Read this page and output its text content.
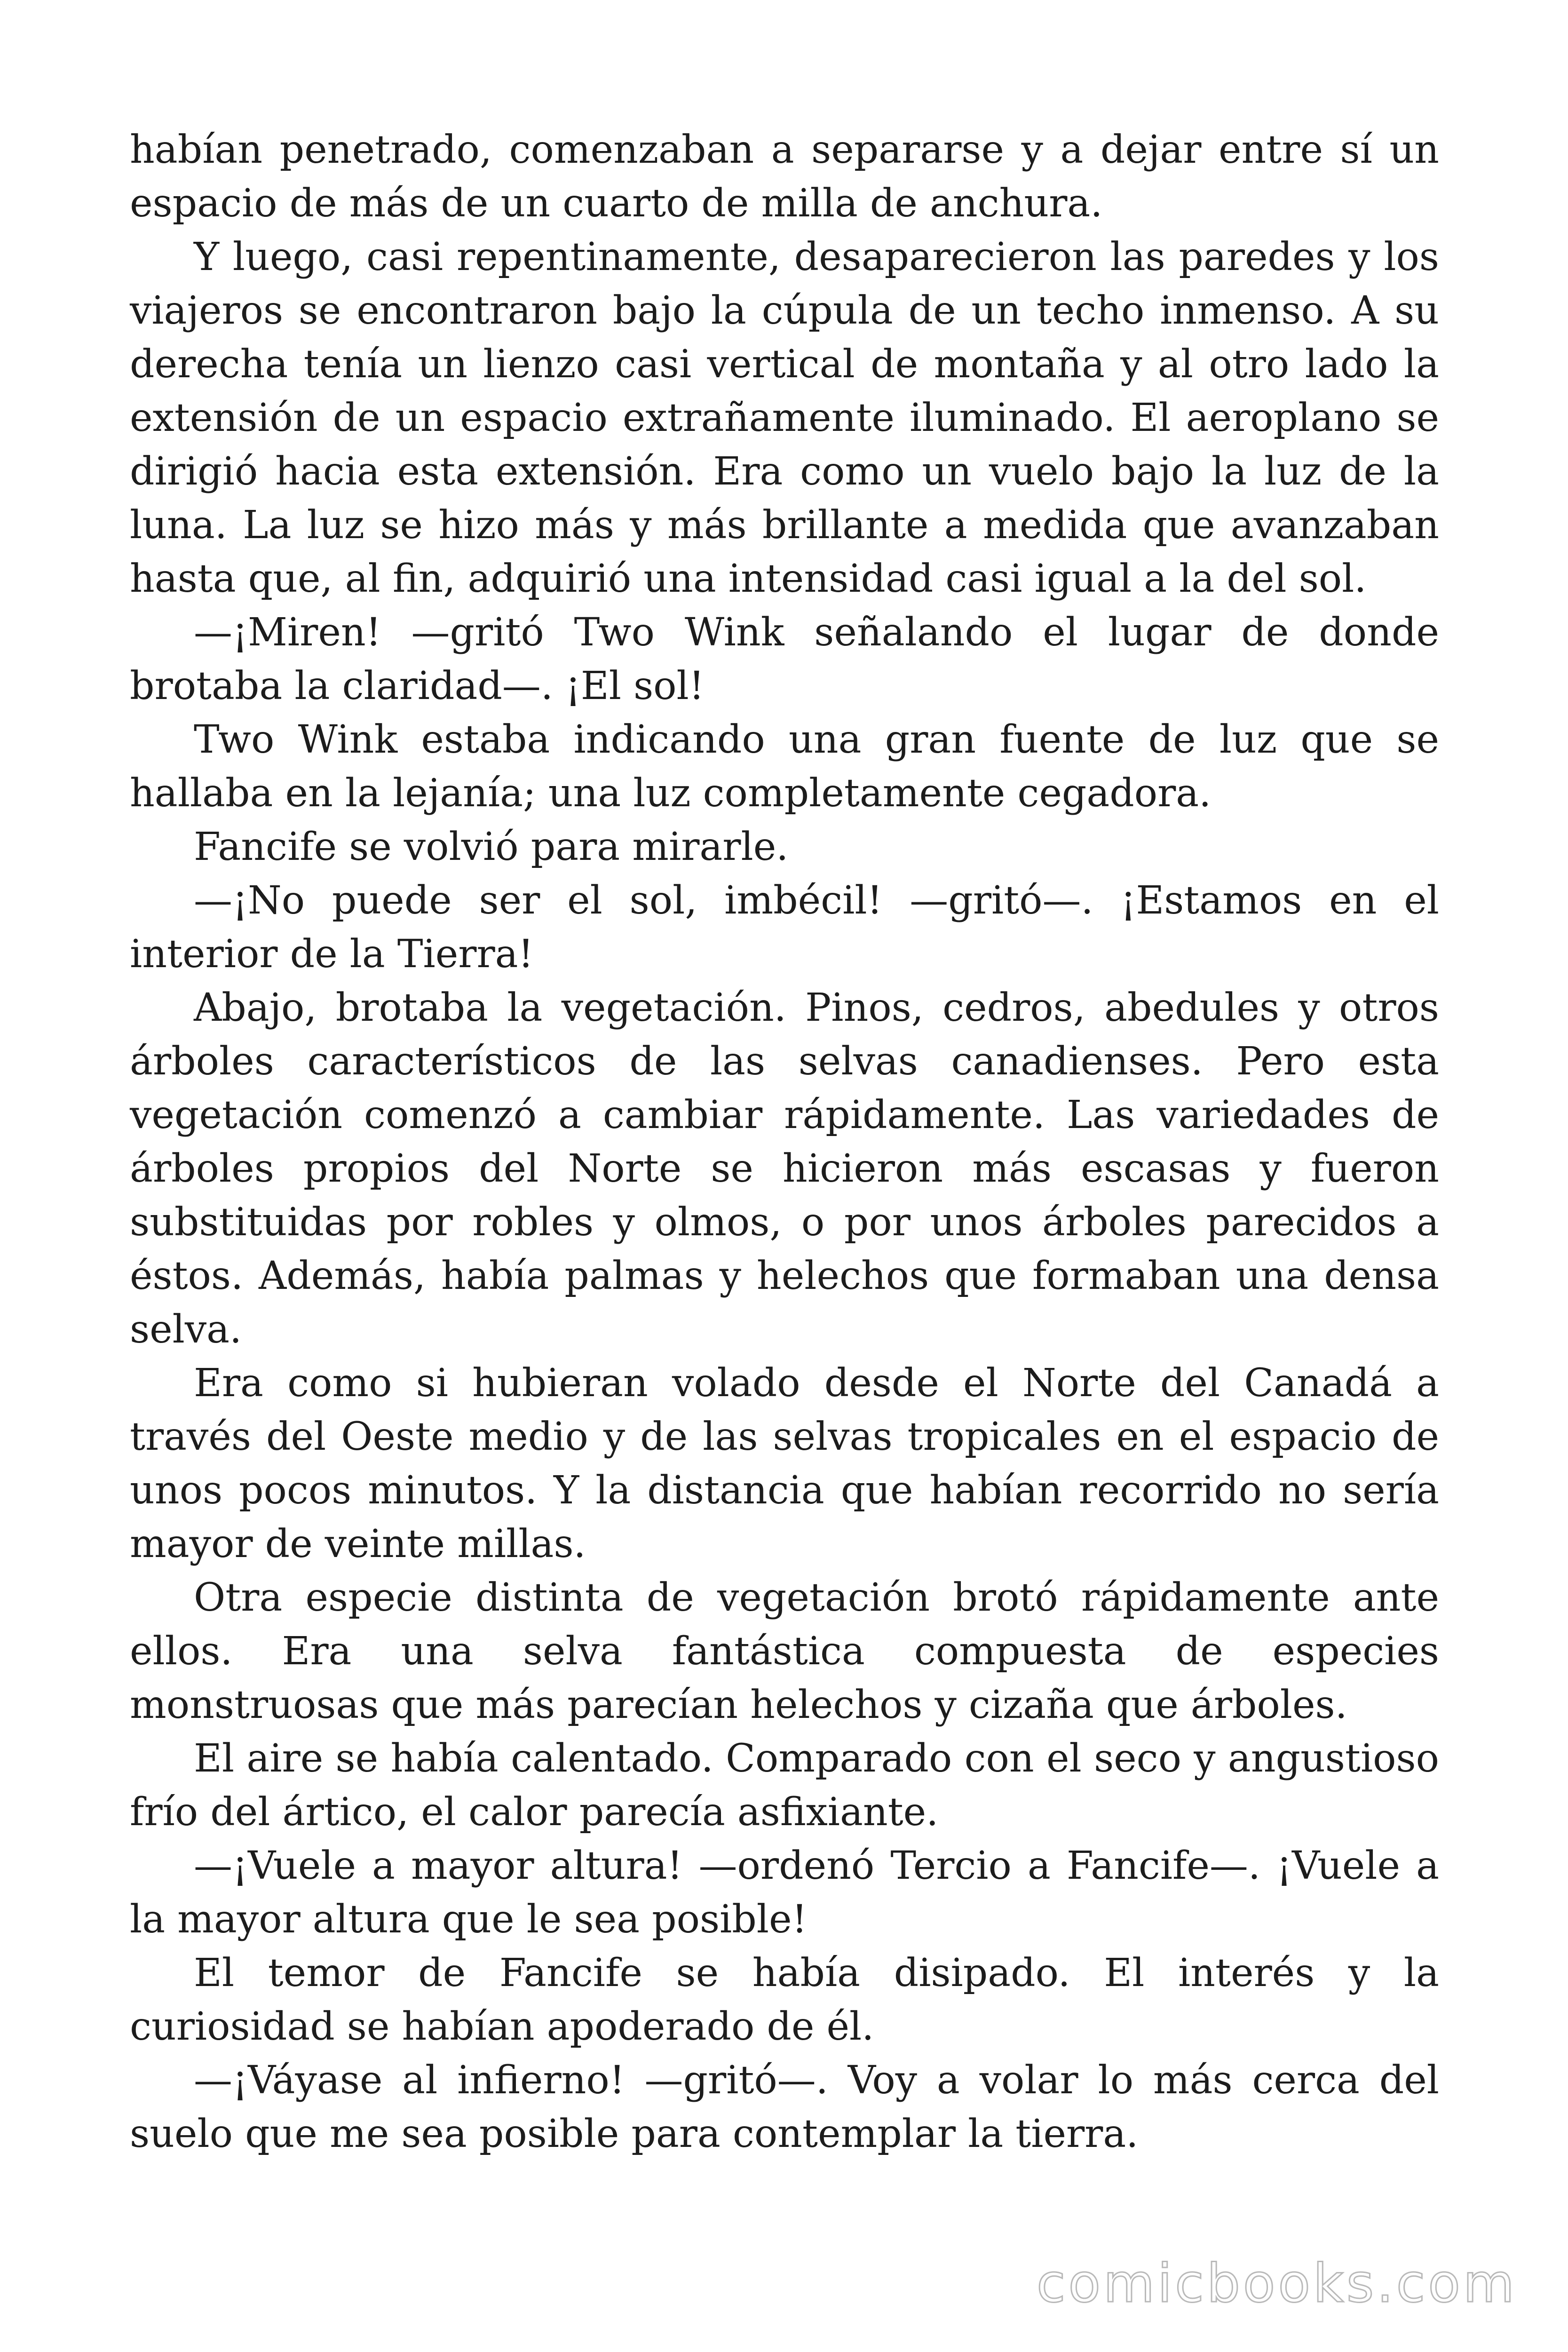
habían penetrado, comenzaban a separarse y a dejar entre sí un espacio de más de un cuarto de milla de anchura.

Y luego, casi repentinamente, desaparecieron las paredes y los viajeros se encontraron bajo la cúpula de un techo inmenso. A su derecha tenía un lienzo casi vertical de montaña y al otro lado la extensión de un espacio extrañamente iluminado. El aeroplano se dirigió hacia esta extensión. Era como un vuelo bajo la luz de la luna. La luz se hizo más y más brillante a medida que avanzaban hasta que, al fin, adquirió una intensidad casi igual a la del sol.

—¡Miren! —gritó Two Wink señalando el lugar de donde brotaba la claridad—. ¡El sol!

Two Wink estaba indicando una gran fuente de luz que se hallaba en la lejanía; una luz completamente cegadora.

Fancife se volvió para mirarle.

—¡No puede ser el sol, imbécil! —gritó—. ¡Estamos en el interior de la Tierra!

Abajo, brotaba la vegetación. Pinos, cedros, abedules y otros árboles característicos de las selvas canadienses. Pero esta vegetación comenzó a cambiar rápidamente. Las variedades de árboles propios del Norte se hicieron más escasas y fueron substituidas por robles y olmos, o por unos árboles parecidos a éstos. Además, había palmas y helechos que formaban una densa selva.

Era como si hubieran volado desde el Norte del Canadá a través del Oeste medio y de las selvas tropicales en el espacio de unos pocos minutos. Y la distancia que habían recorrido no sería mayor de veinte millas.

Otra especie distinta de vegetación brotó rápidamente ante ellos. Era una selva fantástica compuesta de especies monstruosas que más parecían helechos y cizaña que árboles.

El aire se había calentado. Comparado con el seco y angustioso frío del ártico, el calor parecía asfixiante.

—¡Vuele a mayor altura! —ordenó Tercio a Fancife—. ¡Vuele a la mayor altura que le sea posible!

El temor de Fancife se había disipado. El interés y la curiosidad se habían apoderado de él.

—¡Váyase al infierno! —gritó—. Voy a volar lo más cerca del suelo que me sea posible para contemplar la tierra.

comicbooks.com
